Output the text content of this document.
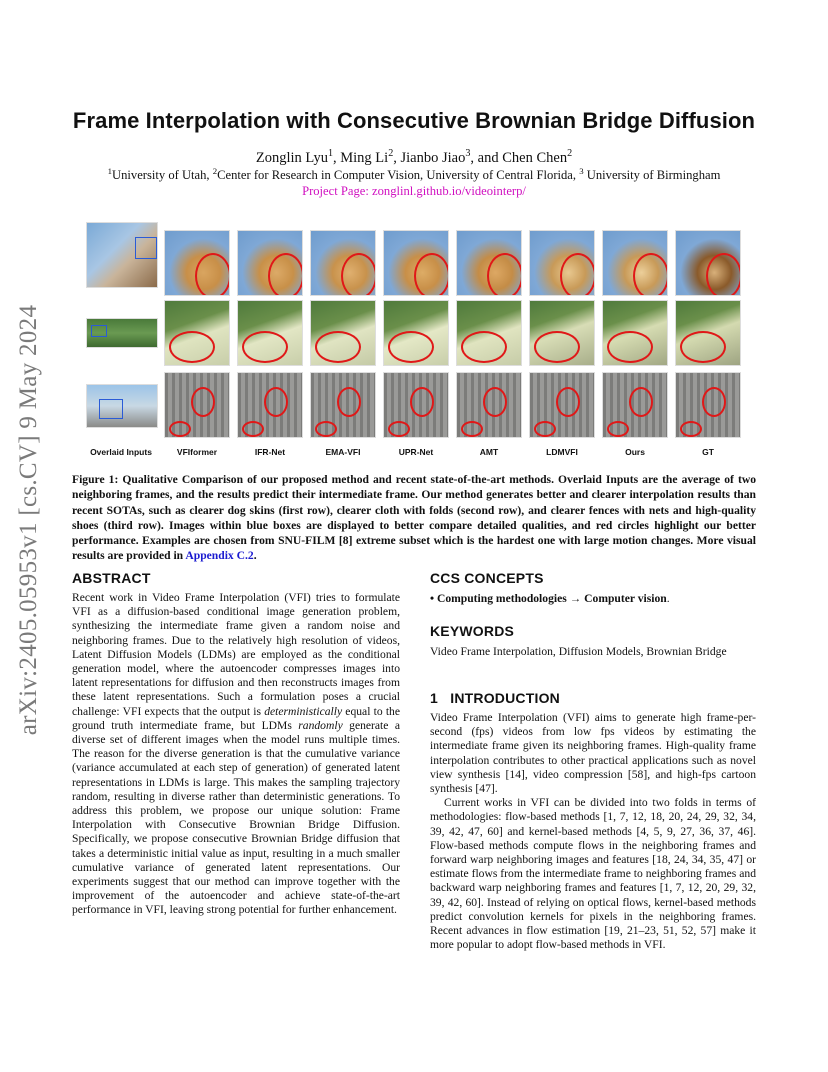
arXiv:2405.05953v1 [cs.CV] 9 May 2024
Frame Interpolation with Consecutive Brownian Bridge Diffusion
Zonglin Lyu$^1$, Ming Li$^2$, Jianbo Jiao$^3$, and Chen Chen$^2$
$^1$University of Utah, $^2$Center for Research in Computer Vision, University of Central Florida, $^3$ University of Birmingham
Project Page: zonglinl.github.io/videointerp/
Overlaid Inputs	VFIformer	IFR-Net	EMA-VFI	UPR-Net	AMT	LDMVFI	Ours	GT
Figure 1: Qualitative Comparison of our proposed method and recent state-of-the-art methods. Overlaid Inputs are the average of two neighboring frames, and the results predict their intermediate frame. Our method generates better and clearer interpolation results than recent SOTAs, such as clearer dog skins (first row), clearer cloth with folds (second row), and clearer fences with nets and high-quality shoes (third row). Images within blue boxes are displayed to better compare detailed qualities, and red circles highlight our better performance. Examples are chosen from SNU-FILM [8] extreme subset which is the hardest one with large motion changes. More visual results are provided in Appendix C.2.
ABSTRACT

Recent work in Video Frame Interpolation (VFI) tries to formulate VFI as a diffusion-based conditional image generation problem, synthesizing the intermediate frame given a random noise and neighboring frames. Due to the relatively high resolution of videos, Latent Diffusion Models (LDMs) are employed as the conditional generation model, where the autoencoder compresses images into latent representations for diffusion and then reconstructs images from these latent representations. Such a formulation poses a crucial challenge: VFI expects that the output is deterministically equal to the ground truth intermediate frame, but LDMs randomly generate a diverse set of different images when the model runs multiple times. The reason for the diverse generation is that the cumulative variance (variance accumulated at each step of generation) of generated latent representations in LDMs is large. This makes the sampling trajectory random, resulting in diverse rather than deterministic generations. To address this problem, we propose our unique solution: Frame Interpolation with Consecutive Brownian Bridge Diffusion. Specifically, we propose consecutive Brownian Bridge diffusion that takes a deterministic initial value as input, resulting in a much smaller cumulative variance of generated latent representations. Our experiments suggest that our method can improve together with the improvement of the autoencoder and achieve state-of-the-art performance in VFI, leaving strong potential for further enhancement.

CCS CONCEPTS

• Computing methodologies → Computer vision.

KEYWORDS

Video Frame Interpolation, Diffusion Models, Brownian Bridge

1   INTRODUCTION

Video Frame Interpolation (VFI) aims to generate high frame-per-second (fps) videos from low fps videos by estimating the intermediate frame given its neighboring frames. High-quality frame interpolation contributes to other practical applications such as novel view synthesis [14], video compression [58], and high-fps cartoon synthesis [47].

Current works in VFI can be divided into two folds in terms of methodologies: flow-based methods [1, 7, 12, 18, 20, 24, 29, 32, 34, 39, 42, 47, 60] and kernel-based methods [4, 5, 9, 27, 36, 37, 46]. Flow-based methods compute flows in the neighboring frames and forward warp neighboring images and features [18, 24, 34, 35, 47] or estimate flows from the intermediate frame to neighboring frames and backward warp neighboring frames and features [1, 7, 12, 20, 29, 32, 39, 42, 60]. Instead of relying on optical flows, kernel-based methods predict convolution kernels for pixels in the neighboring frames. Recent advances in flow estimation [19, 21–23, 51, 52, 57] make it more popular to adopt flow-based methods in VFI.
